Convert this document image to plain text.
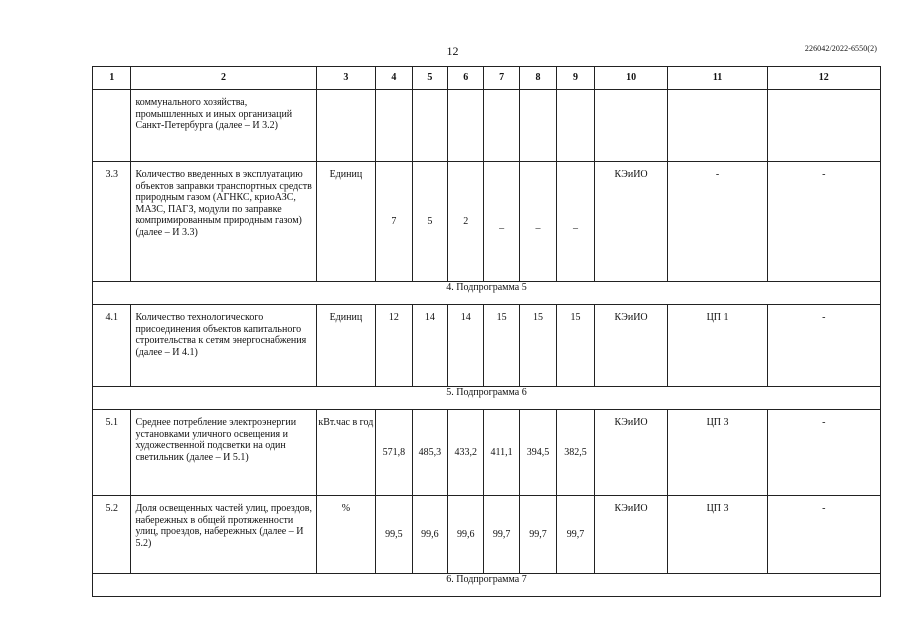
12	226042/2022-6550(2)
1	2	3	4	5	6	7	8	9	10	11	12
	коммунального хозяйства, промышленных и иных организаций Санкт-Петербурга (далее – И 3.2)										
3.3	Количество введенных в эксплуатацию объектов заправки транспортных средств природным газом (АГНКС, криоАЗС, МАЗС, ПАГЗ, модули по заправке компримированным природным газом) (далее – И 3.3)	Единиц	7	5	2	–	–	–	КЭиИО	-	-
4. Подпрограмма 5											
4.1	Количество технологического присоединения объектов капитального строительства к сетям энергоснабжения (далее – И 4.1)	Единиц	12	14	14	15	15	15	КЭиИО	ЦП 1	-
5. Подпрограмма 6											
5.1	Среднее потребление электроэнергии установками уличного освещения и художественной подсветки на один светильник (далее – И 5.1)	кВт.час в год	571,8	485,3	433,2	411,1	394,5	382,5	КЭиИО	ЦП 3	-
5.2	Доля освещенных частей улиц, проездов, набережных в общей протяженности улиц, проездов, набережных (далее – И 5.2)	%	99,5	99,6	99,6	99,7	99,7	99,7	КЭиИО	ЦП 3	-
6. Подпрограмма 7											
